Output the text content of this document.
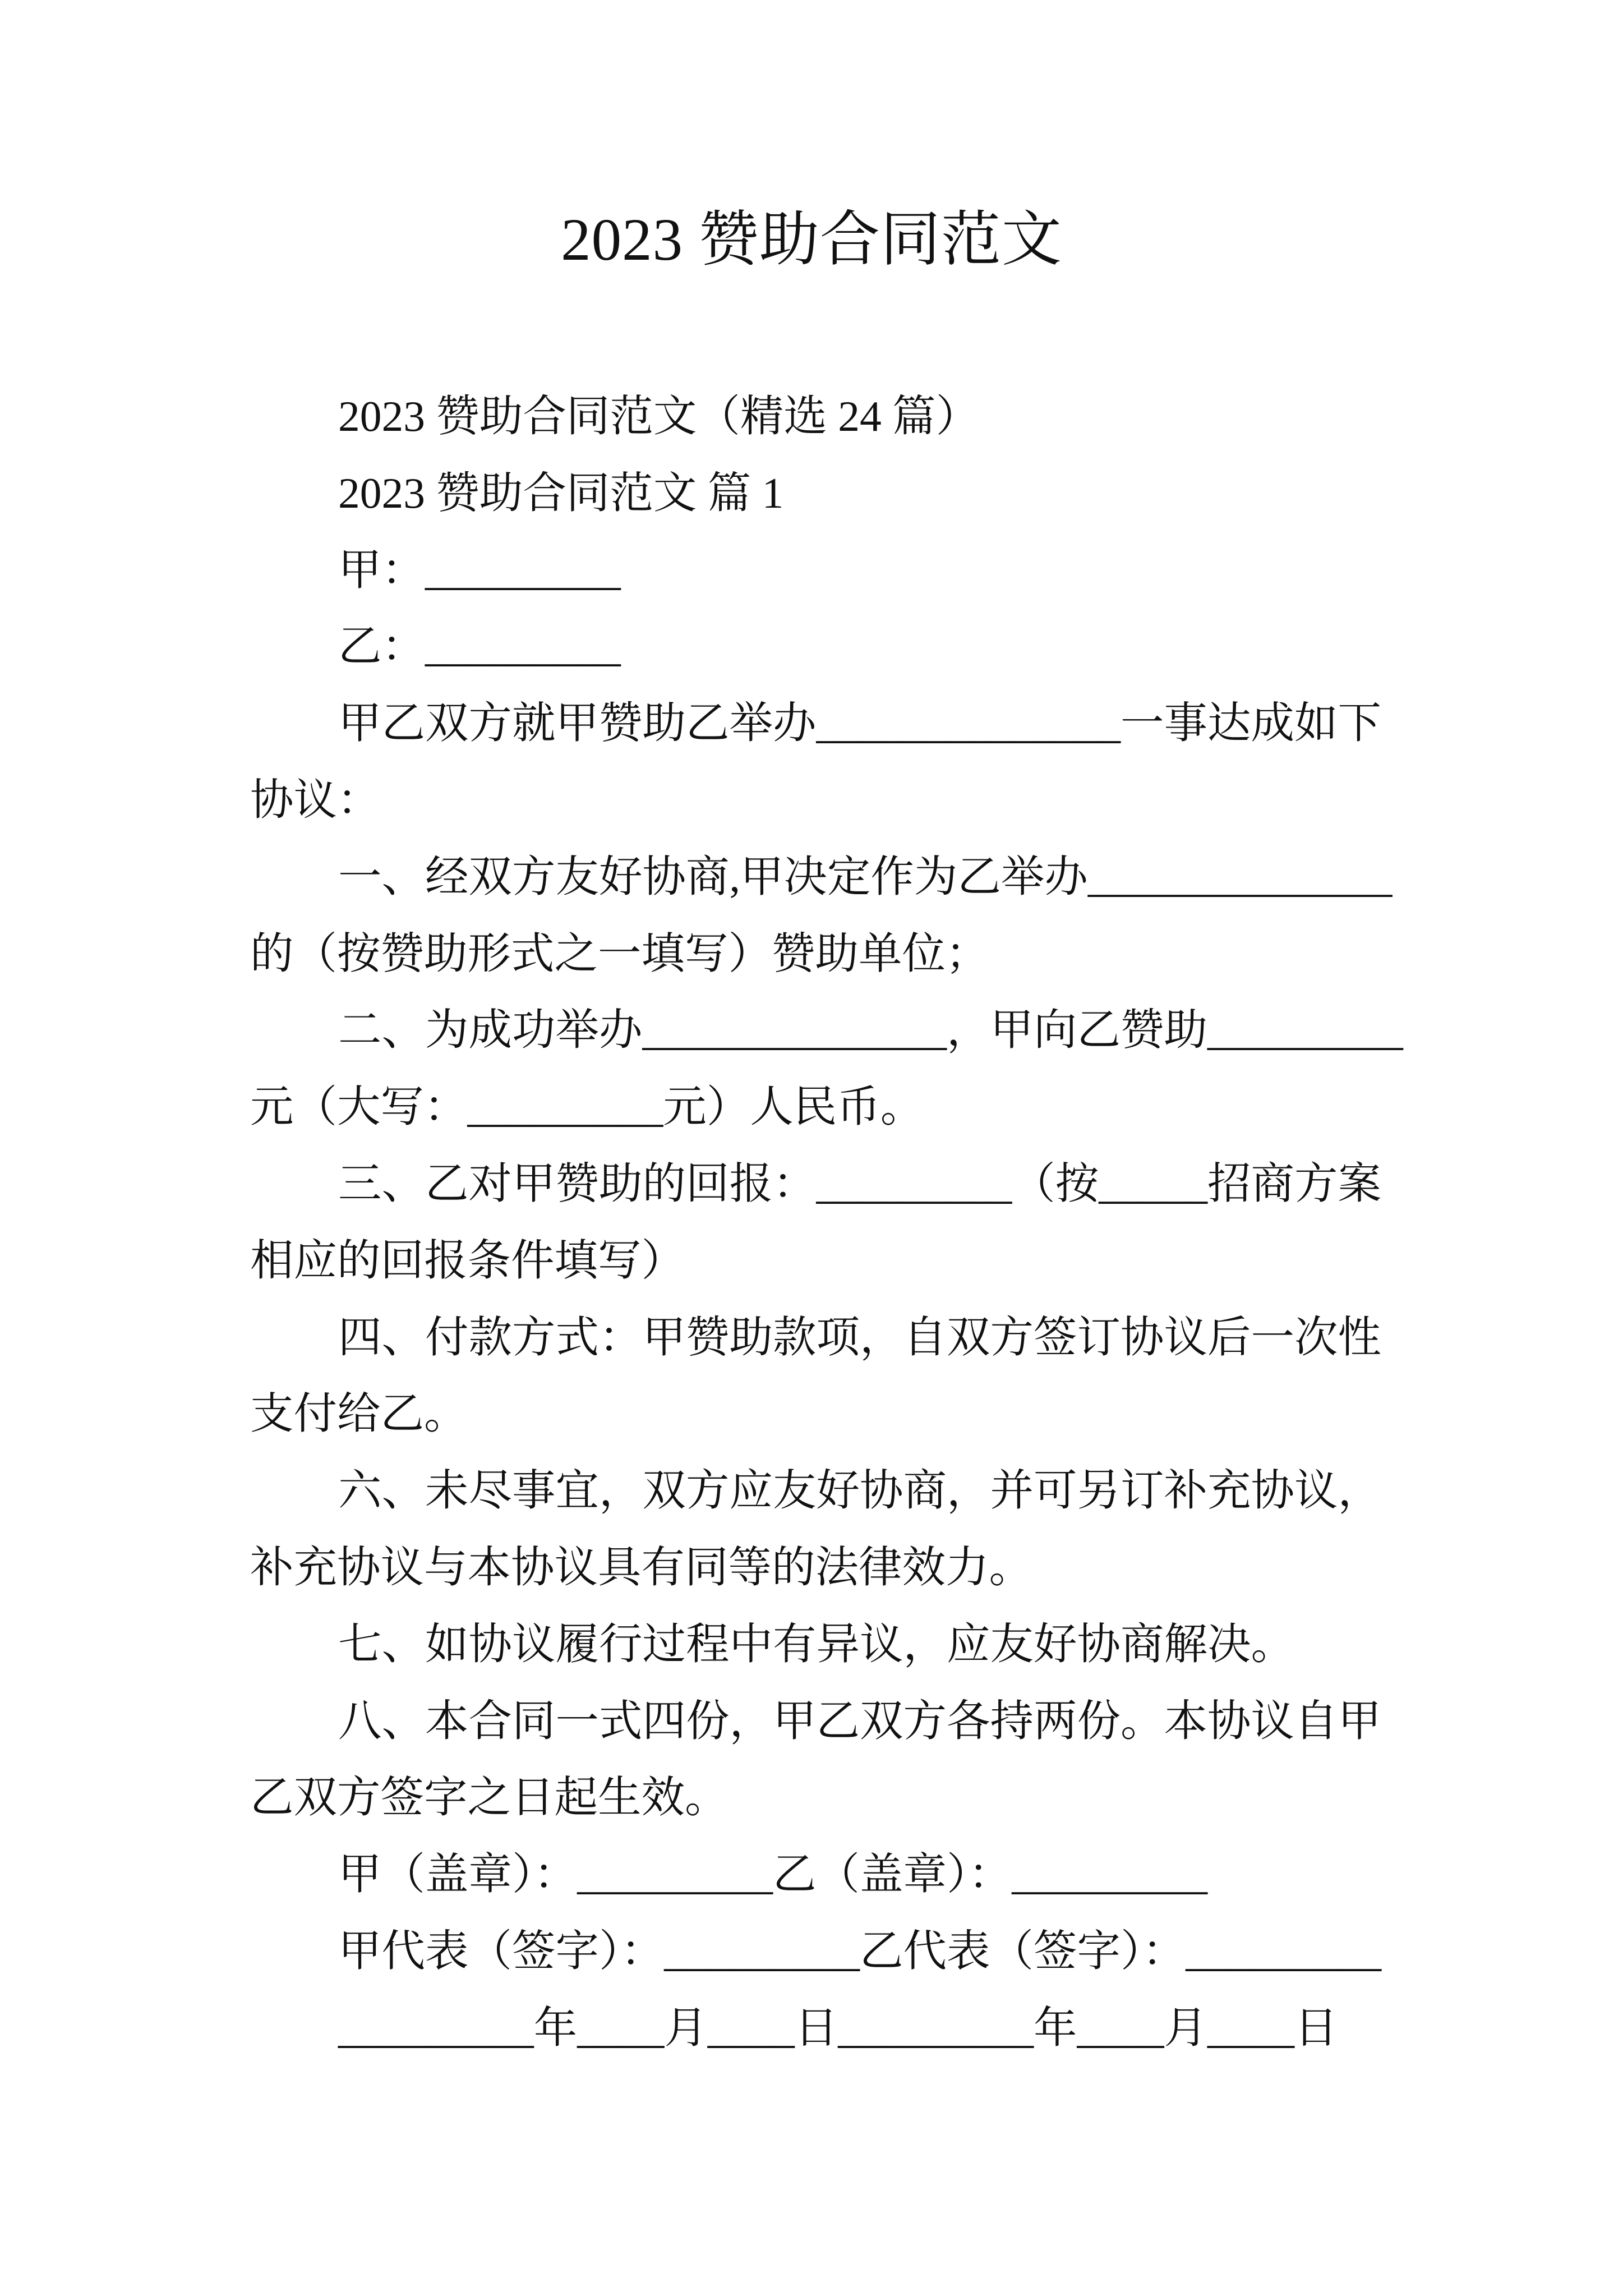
2023 赞助合同范文
2023 赞助合同范文（精选 24 篇）
2023 赞助合同范文 篇 1
甲：_________
乙：_________
甲乙双方就甲赞助乙举办______________一事达成如下
协议：
一、经双方友好协商,甲决定作为乙举办______________
的（按赞助形式之一填写）赞助单位；
二、为成功举办______________，甲向乙赞助_________
元（大写：_________元）人民币。
三、乙对甲赞助的回报：_________（按_____招商方案
相应的回报条件填写）
四、付款方式：甲赞助款项，自双方签订协议后一次性
支付给乙。
六、未尽事宜，双方应友好协商，并可另订补充协议，
补充协议与本协议具有同等的法律效力。
七、如协议履行过程中有异议，应友好协商解决。
八、本合同一式四份，甲乙双方各持两份。本协议自甲
乙双方签字之日起生效。
甲（盖章）：_________乙（盖章）：_________
甲代表（签字）：_________乙代表（签字）：_________
_________年____月____日_________年____月____日
